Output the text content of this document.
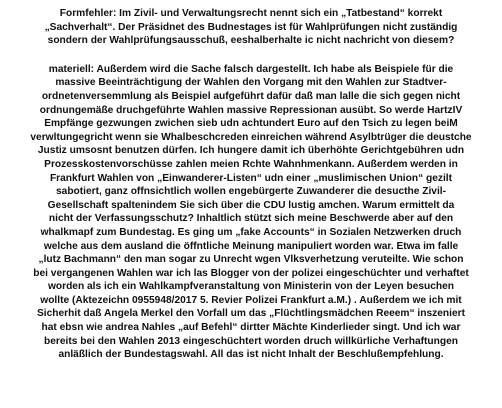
Formfehler: Im Zivil- und Verwaltungsrecht nennt sich ein „Tatbestand“ korrekt
„Sachverhalt“. Der Präsidnet des Budnestages ist für Wahlprüfungen nicht zuständig
sondern der Wahlprüfungsausschuß, eeshalberhalte ic nicht nachricht von diesem?
materiell: Außerdem wird die Sache falsch dargestellt. Ich habe als Beispiele für die
massive Beeinträchtigung der Wahlen den Vorgang mit den Wahlen zur Stadtver-
ordnetenversemmlung als Beispiel aufgeführt dafür daß man lalle die sich gegen nicht
ordnungemäße druchgeführte Wahlen massive Repressionan ausübt. So werde HartzIV
Empfänge gezwungen zwichen sieb udn achtundert Euro auf den Tsich zu legen beiM
verwltungegricht wenn sie Whalbeschcreden einreichen während Asylbtrüger die deustche
Justiz umsosnt benutzen dürfen. Ich hungere damit ich überhöhte Gerichtgebühren udn
Prozesskostenvorschüsse zahlen meien Rchte Wahnhmenkann. Außerdem werden in
Frankfurt Wahlen von „Einwanderer-Listen“ udn einer „muslimischen Union“ gezilt
sabotiert, ganz offnsichtlich wollen engebürgerte Zuwanderer die desucthe Zivil-
Gesellschaft spaltenindem Sie sich über die CDU lustig amchen. Warum ermittelt da
nicht der Verfassungsschutz? Inhaltlich stützt sich meine Beschwerde aber auf den
whalkmapf zum Bundestag. Es ging um „fake Accounts“ in Sozialen Netzwerken druch
welche aus dem ausland die öffntliche Meinung manipuliert worden war. Etwa im falle
„lutz Bachmann“ den man sogar zu Unrecht wgen Vlksverhetzung veruteilte. Wie schon
bei vergangenen Wahlen war ich las Blogger von der polizei eingeschüchter und verhaftet
worden als ich ein Wahlkampfveranstaltung von Ministerin von der Leyen besuchen
wollte (Aktezeichn 0955948/2017 5. Revier Polizei Frankfurt a.M.) . Außerdem we ich mit
Sicherhit daß Angela Merkel den Vorfall um das „Flüchtlingsmädchen Reeem“ inszeniert
hat ebsn wie andrea Nahles „auf Befehl“ dirtter Mächte Kinderlieder singt. Und ich war
bereits bei den Wahlen 2013 eingeschüchtert worden druch willkürliche Verhaftungen
anläßlich der Bundestagswahl. All das ist nicht Inhalt der Beschlußempfehlung.
